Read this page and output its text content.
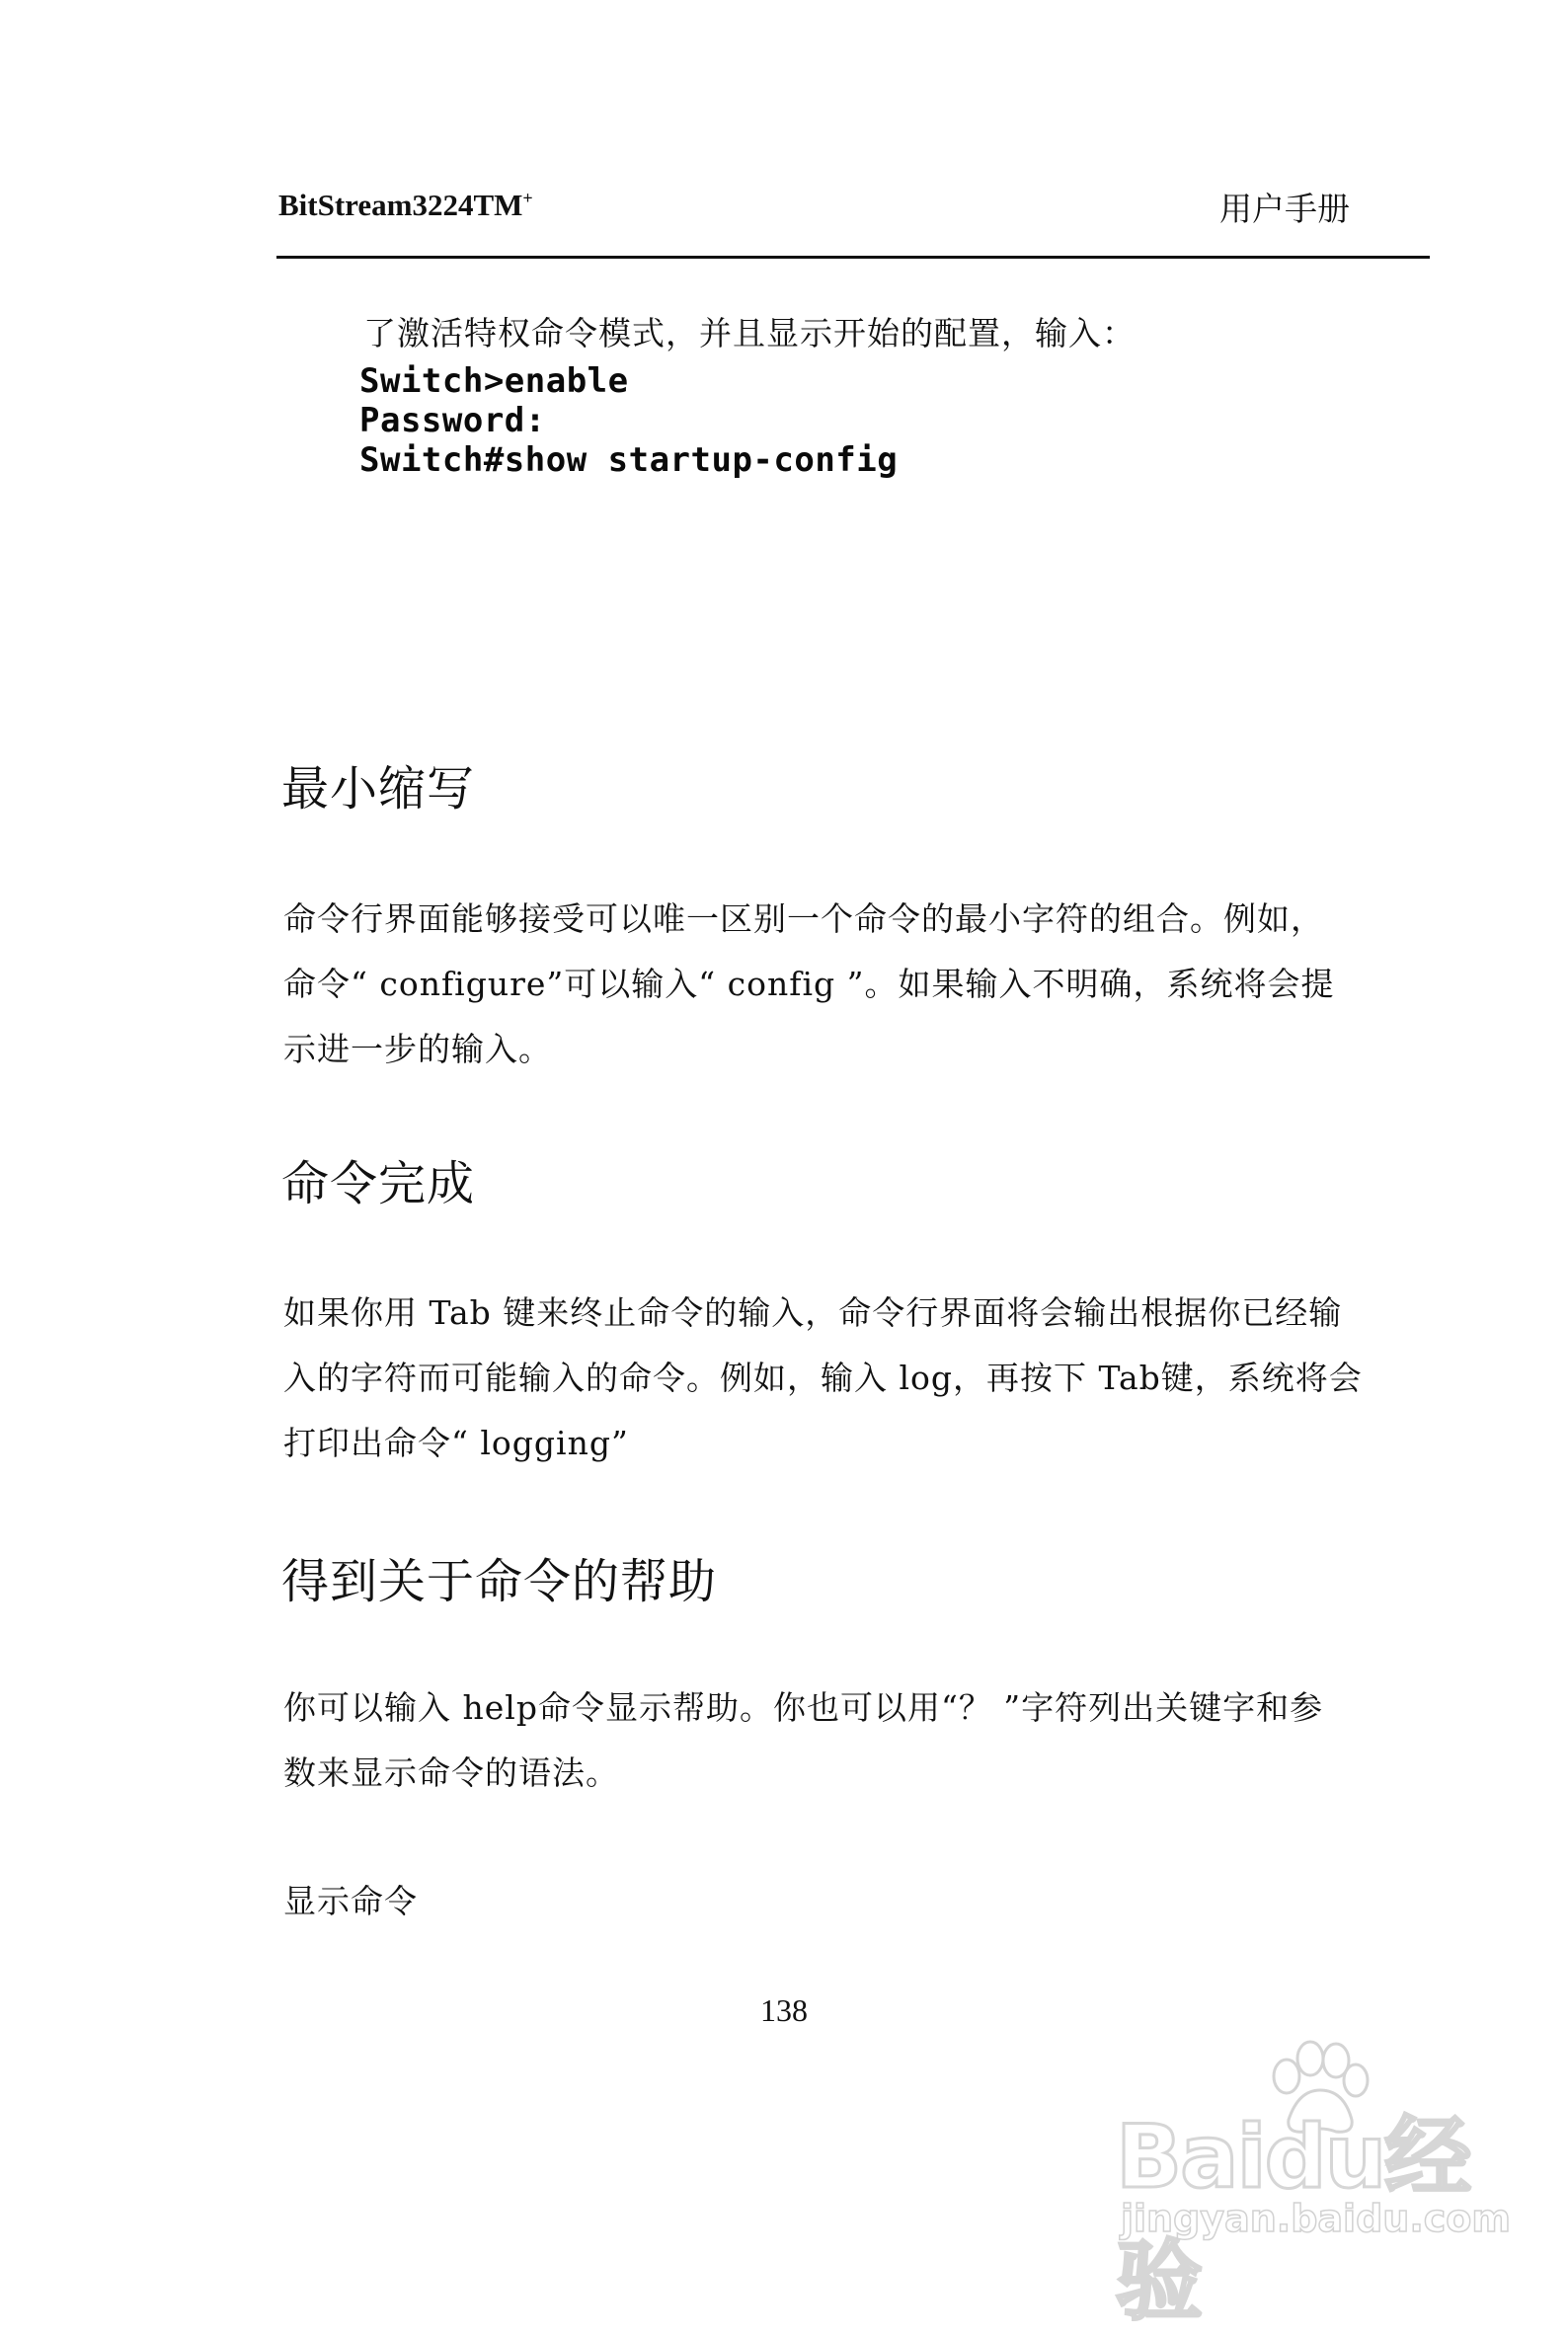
BitStream3224TM+	用户手册
了激活特权命令模式，并且显示开始的配置，输入：
Switch>enable
Password:
Switch#show startup-config
最小缩写
命令行界面能够接受可以唯一区别一个命令的最小字符的组合。例如，
命令“ configure”可以输入“ config ”。如果输入不明确，系统将会提
示进一步的输入。
命令完成
如果你用 Tab 键来终止命令的输入，命令行界面将会输出根据你已经输
入的字符而可能输入的命令。例如，输入 log，再按下 Tab键，系统将会
打印出命令“ logging”
得到关于命令的帮助
你可以输入 help命令显示帮助。你也可以用“？ ”字符列出关键字和参
数来显示命令的语法。
显示命令
138
Baidu经验
jingyan.baidu.com
